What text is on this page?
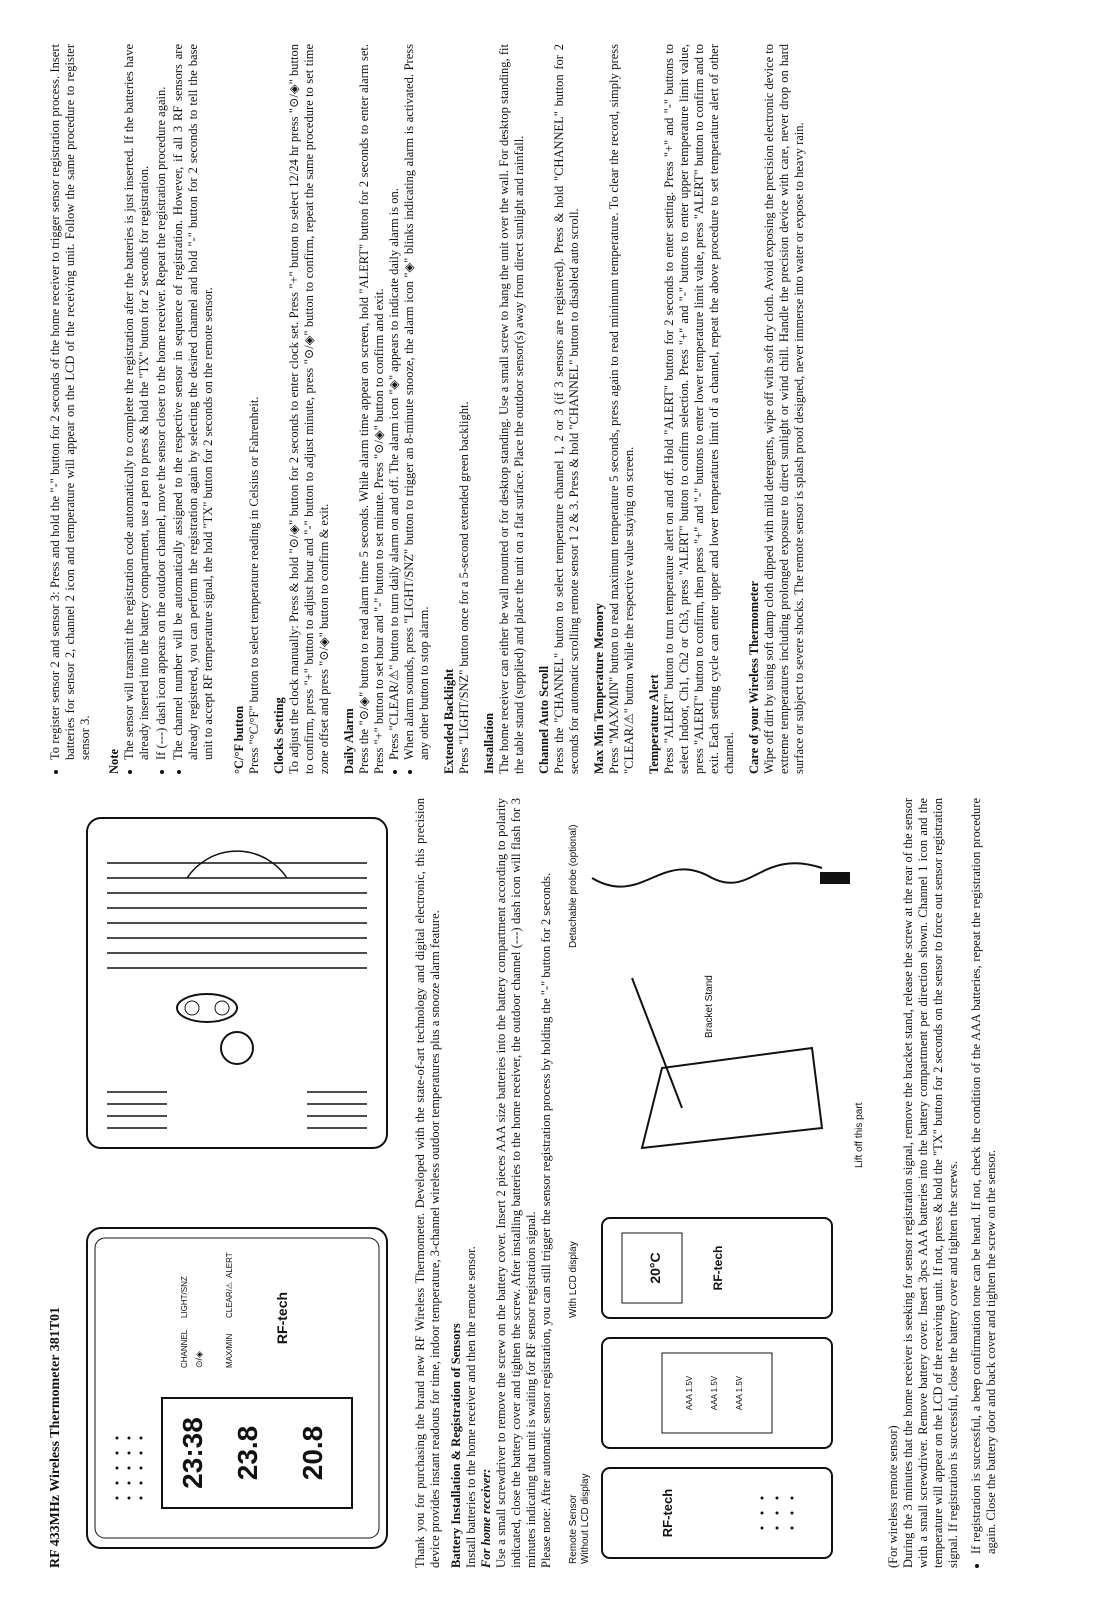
RF 433MHz Wireless Thermometer 381T01	23:38 23.8 20.8
CHANNEL ⊙/◈
LIGHT/SNZ
MAX/MIN
CLEAR/⚠
ALERT
RF-tech	Thank you for purchasing the brand new RF Wireless Thermometer. Developed with the state-of-art technology and digital electronic, this precision device provides instant readouts for time, indoor temperature, 3-channel wireless outdoor temperatures plus a snooze alarm feature. Battery Installation & Registration of Sensors Install batteries to the home receiver and then the remote sensor. For home receiver: Use a small screwdriver to remove the screw on the battery cover. Insert 2 pieces AAA size batteries into the battery compartment according to polarity indicated, close the battery cover and tighten the screw. After installing batteries to the home receiver, the outdoor channel (---) dash icon will flash for 3 minutes indicating that unit is waiting for RF sensor registration signal. Please note: After automatic sensor registration, you can still trigger the sensor registration process by holding the "-" button for 2 seconds. Remote Sensor Without LCD display	RF-tech
AAA 1.5V AAA 1.5V AAA 1.5V
With LCD display	20°C	RF-tech
Detachable probe (optional)
Bracket Stand
Lift off this part

(For wireless remote sensor) During the 3 minutes that the home receiver is seeking for sensor registration signal, remove the bracket stand, release the screw at the rear of the sensor with a small screwdriver. Remove battery cover. Insert 3pcs AAA batteries into the battery compartment per direction shown. Channel 1 icon and the temperature will appear on the LCD of the receiving unit. If not, press & hold the "TX" button for 2 seconds on the sensor to force out sensor registration signal. If registration is successful, close the battery cover and tighten the screws. • If registration is successful, a beep confirmation tone can be heard. If not, check the condition of the AAA batteries, repeat the registration procedure again. Close the battery door and back cover and tighten the screw on the sensor.
• To register sensor 2 and sensor 3: Press and hold the "-" button for 2 seconds of the home receiver to trigger sensor registration process. Insert batteries for sensor 2, channel 2 icon and temperature will appear on the LCD of the receiving unit. Follow the same procedure to register sensor 3.
Note
• The sensor will transmit the registration code automatically to complete the registration after the batteries is just inserted. If the batteries have already inserted into the battery compartment, use a pen to press & hold the "TX" button for 2 seconds for registration. • If (---) dash icon appears on the outdoor channel, move the sensor closer to the home receiver. Repeat the registration procedure again. • The channel number will be automatically assigned to the respective sensor in sequence of registration. However, if all 3 RF sensors are already registered, you can perform the registration again by selecting the desired channel and hold "-" button for 2 seconds to tell the base unit to accept RF temperature signal, the hold "TX" button for 2 seconds on the remote sensor. °C/°F button Press "°C/°F" button to select temperature reading in Celsius or Fahrenheit. Clocks Setting To adjust the clock manually: Press & hold "⊙/◈" button for 2 seconds to enter clock set. Press "+" button to select 12/24 hr press "⊙/◈" button to confirm, press "+" button to adjust hour and "-" button to adjust minute, press "⊙/◈" button to confirm, repeat the same procedure to set time zone offset and press "⊙/◈" button to confirm & exit. Daily Alarm Press the "⊙/◈" button to read alarm time 5 seconds. While alarm time appear on screen, hold "ALERT" button for 2 seconds to enter alarm set. Press "+" button to set hour and "-" button to set minute. Press "⊙/◈" button to confirm and exit. • Press "CLEAR/⚠" button to turn daily alarm on and off. The alarm icon "◈" appears to indicate daily alarm is on. • When alarm sounds, press "LIGHT/SNZ" button to trigger an 8-minute snooze, the alarm icon "◈" blinks indicating alarm is activated. Press any other button to stop alarm. Extended Backlight Press "LIGHT/SNZ" button once for a 5-second extended green backlight. Installation The home receiver can either be wall mounted or for desktop standing. Use a small screw to hang the unit over the wall. For desktop standing, fit the table stand (supplied) and place the unit on a flat surface. Place the outdoor sensor(s) away from direct sunlight and rainfall. Channel Auto Scroll Press the "CHANNEL" button to select temperature channel 1, 2 or 3 (if 3 sensors are registered). Press & hold "CHANNEL" button for 2 seconds for automatic scrolling remote sensor 1 2 & 3. Press & hold "CHANNEL" button to disabled auto scroll. Max Min Temperature Memory Press "MAX/MIN" button to read maximum temperature 5 seconds, press again to read minimum temperature. To clear the record, simply press "CLEAR/⚠" button while the respective value staying on screen. Temperature Alert Press "ALERT" button to turn temperature alert on and off. Hold "ALERT" button for 2 seconds to enter setting. Press "+" and "-" buttons to select Indoor, Ch1, Ch2 or Ch3, press "ALERT" button to confirm selection. Press "+" and "-" buttons to enter upper temperature limit value, press "ALERT" button to confirm, then press "+" and "-" buttons to enter lower temperature limit value, press "ALERT" button to confirm and to exit. Each setting cycle can enter upper and lower temperatures limit of a channel, repeat the above procedure to set temperature alert of other channel. Care of your Wireless Thermometer Wipe off dirt by using soft damp cloth dipped with mild detergents, wipe off with soft dry cloth. Avoid exposing the precision electronic device to extreme temperatures including prolonged exposure to direct sunlight or wind chill. Handle the precision device with care, never drop on hard surface or subject to severe shocks. The remote sensor is splash proof designed, never immerse into water or expose to heavy rain.
